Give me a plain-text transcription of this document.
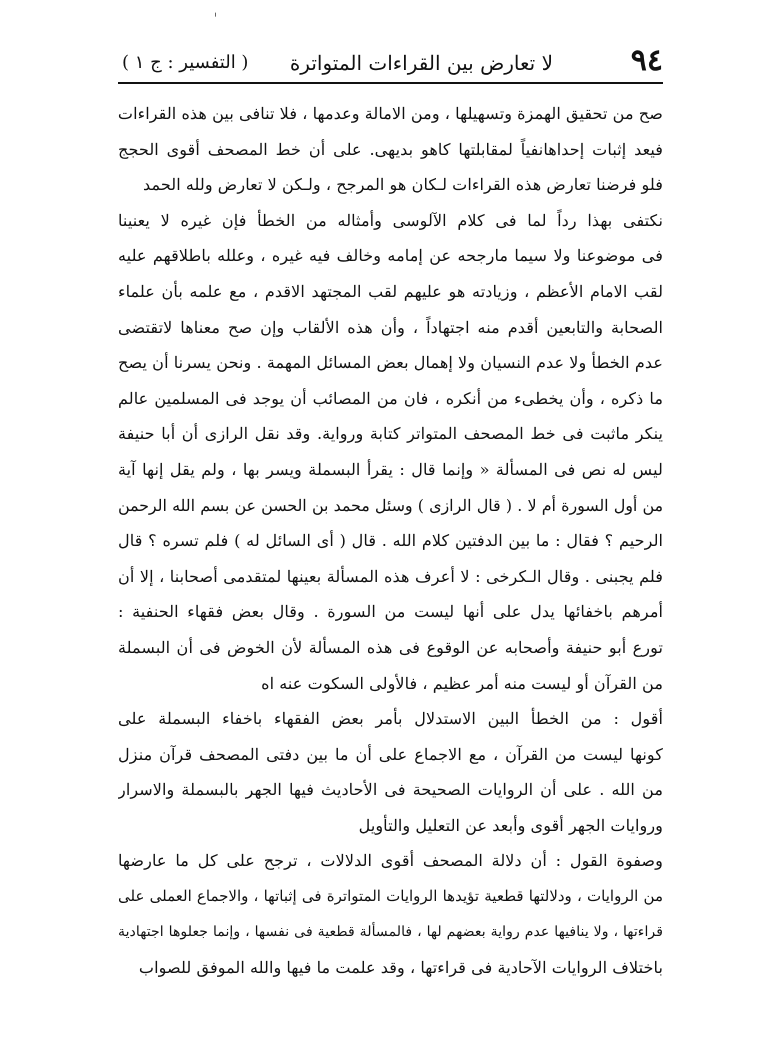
٩٤
لا تعارض بين القراءات المتواترة
( التفسير : ج ١ )
صح من تحقيق الهمزة وتسهيلها ، ومن الامالة وعدمها ، فلا تنافى بين هذه القراءات
فيعد إثبات إحداهانفياً لمقابلتها كاهو بديهى. على أن خط المصحف أقوى الحجج
فلو فرضنا تعارض هذه القراءات لـكان هو المرجح ، ولـكن لا تعارض ولله الحمد
نكتفى بهذا رداً لما فى كلام الآلوسى وأمثاله من الخطأ فإن غيره لا يعنينا
فى موضوعنا ولا سيما مارجحه عن إمامه وخالف فيه غيره ، وعلله باطلاقهم عليه
لقب الامام الأعظم ، وزيادته هو عليهم لقب المجتهد الاقدم ، مع علمه بأن علماء
الصحابة والتابعين أقدم منه اجتهاداً ، وأن هذه الألقاب وإن صح معناها لاتقتضى
عدم الخطأ ولا عدم النسيان ولا إهمال بعض المسائل المهمة . ونحن يسرنا أن يصح
ما ذكره ، وأن يخطىء من أنكره ، فان من المصائب أن يوجد فى المسلمين عالم
ينكر ماثبت فى خط المصحف المتواتر كتابة ورواية. وقد نقل الرازى أن أبا حنيفة
ليس له نص فى المسألة « وإنما قال : يقرأ البسملة ويسر بها ، ولم يقل إنها آية
من أول السورة أم لا . ( قال الرازى ) وسئل محمد بن الحسن عن بسم الله الرحمن
الرحيم ؟ فقال : ما بين الدفتين كلام الله . قال ( أى السائل له ) فلم تسره ؟ قال
فلم يجبنى . وقال الـكرخى : لا أعرف هذه المسألة بعينها لمتقدمى أصحابنا ، إلا أن
أمرهم باخفائها يدل على أنها ليست من السورة . وقال بعض فقهاء الحنفية :
تورع أبو حنيفة وأصحابه عن الوقوع فى هذه المسألة لأن الخوض فى أن البسملة
من القرآن أو ليست منه أمر عظيم ، فالأولى السكوت عنه اه
أقول : من الخطأ البين الاستدلال بأمر بعض الفقهاء باخفاء البسملة على
كونها ليست من القرآن ، مع الاجماع على أن ما بين دفتى المصحف قرآن منزل
من الله . على أن الروايات الصحيحة فى الأحاديث فيها الجهر بالبسملة والاسرار
وروايات الجهر أقوى وأبعد عن التعليل والتأويل
وصفوة القول : أن دلالة المصحف أقوى الدلالات ، ترجح على كل ما عارضها
من الروايات ، ودلالتها قطعية تؤيدها الروايات المتواترة فى إثباتها ، والاجماع العملى على
قراءتها ، ولا ينافيها عدم رواية بعضهم لها ، فالمسألة قطعية فى نفسها ، وإنما جعلوها اجتهادية
باختلاف الروايات الآحادية فى قراءتها ، وقد علمت ما فيها والله الموفق للصواب
